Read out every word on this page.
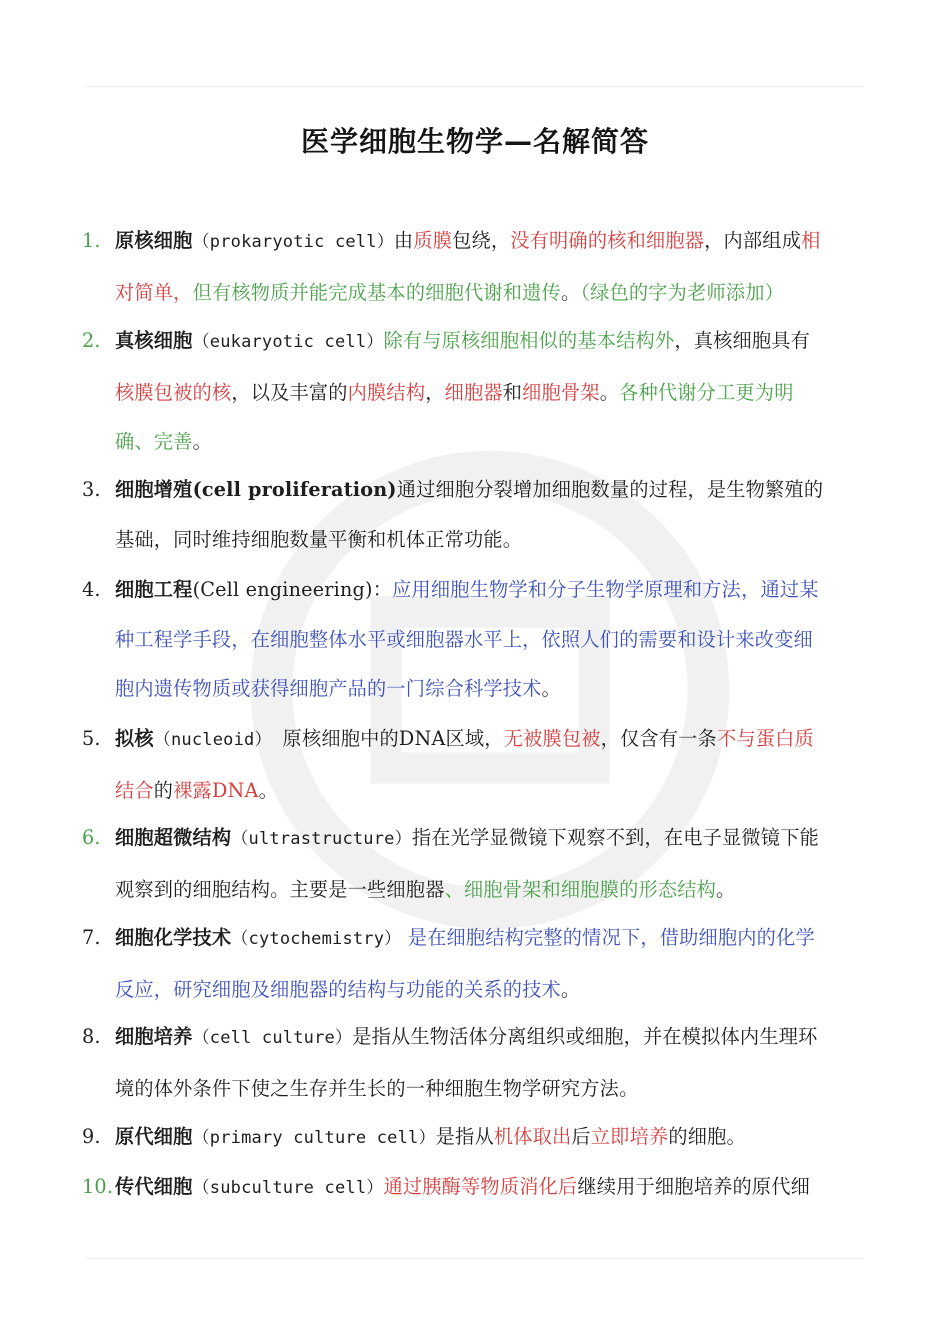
医学细胞生物学—名解简答
1. 原核细胞（prokaryotic cell）由质膜包绕，没有明确的核和细胞器，内部组成相
对简单，但有核物质并能完成基本的细胞代谢和遗传。（绿色的字为老师添加）
2. 真核细胞（eukaryotic cell）除有与原核细胞相似的基本结构外，真核细胞具有
核膜包被的核，以及丰富的内膜结构，细胞器和细胞骨架。各种代谢分工更为明
确、完善。
3. 细胞增殖(cell proliferation)通过细胞分裂增加细胞数量的过程，是生物繁殖的
基础，同时维持细胞数量平衡和机体正常功能。
4. 细胞工程(Cell engineering)：应用细胞生物学和分子生物学原理和方法，通过某
种工程学手段，在细胞整体水平或细胞器水平上，依照人们的需要和设计来改变细
胞内遗传物质或获得细胞产品的一门综合科学技术。
5. 拟核（nucleoid）　原核细胞中的DNA区域，无被膜包被，仅含有一条不与蛋白质
结合的裸露DNA。
6. 细胞超微结构（ultrastructure）指在光学显微镜下观察不到，在电子显微镜下能
观察到的细胞结构。主要是一些细胞器、细胞骨架和细胞膜的形态结构。
7. 细胞化学技术（cytochemistry） 是在细胞结构完整的情况下，借助细胞内的化学
反应，研究细胞及细胞器的结构与功能的关系的技术。
8. 细胞培养（cell culture）是指从生物活体分离组织或细胞，并在模拟体内生理环
境的体外条件下使之生存并生长的一种细胞生物学研究方法。
9. 原代细胞（primary culture cell）是指从机体取出后立即培养的细胞。
10.传代细胞（subculture cell）通过胰酶等物质消化后继续用于细胞培养的原代细
